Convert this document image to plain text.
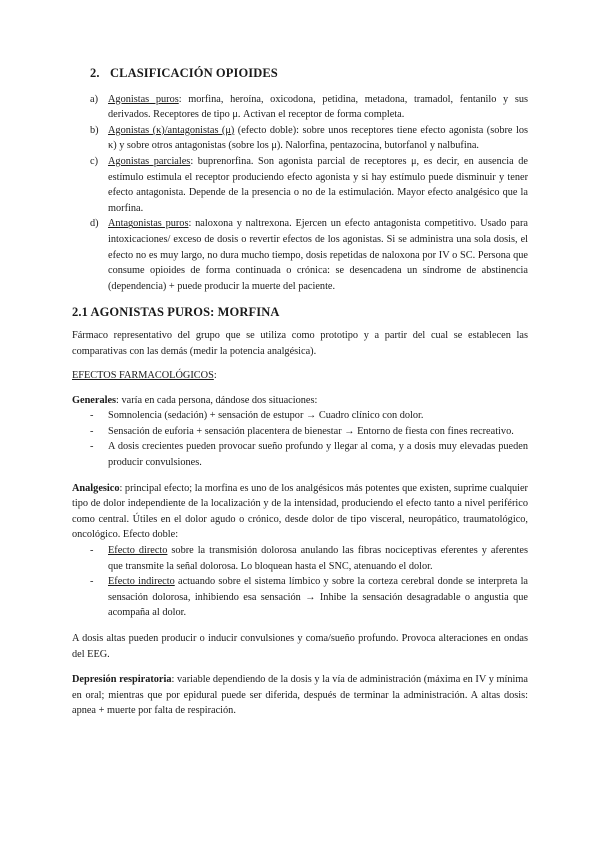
2. CLASIFICACIÓN OPIOIDES
a) Agonistas puros: morfina, heroína, oxicodona, petidina, metadona, tramadol, fentanilo y sus derivados. Receptores de tipo μ. Activan el receptor de forma completa.
b) Agonistas (κ)/antagonistas (μ) (efecto doble): sobre unos receptores tiene efecto agonista (sobre los κ) y sobre otros antagonistas (sobre los μ). Nalorfina, pentazocina, butorfanol y nalbufina.
c) Agonistas parciales: buprenorfina. Son agonista parcial de receptores μ, es decir, en ausencia de estímulo estimula el receptor produciendo efecto agonista y si hay estímulo puede disminuir y tener efecto antagonista. Depende de la presencia o no de la estimulación. Mayor efecto analgésico que la morfina.
d) Antagonistas puros: naloxona y naltrexona. Ejercen un efecto antagonista competitivo. Usado para intoxicaciones/ exceso de dosis o revertir efectos de los agonistas. Si se administra una sola dosis, el efecto no es muy largo, no dura mucho tiempo, dosis repetidas de naloxona por IV o SC. Persona que consume opioides de forma continuada o crónica: se desencadena un síndrome de abstinencia (dependencia) + puede producir la muerte del paciente.
2.1 AGONISTAS PUROS: MORFINA

Fármaco representativo del grupo que se utiliza como prototipo y a partir del cual se establecen las comparativas con las demás (medir la potencia analgésica).

EFECTOS FARMACOLÓGICOS:

Generales: varía en cada persona, dándose dos situaciones:

- Somnolencia (sedación) + sensación de estupor → Cuadro clínico con dolor.
- Sensación de euforia + sensación placentera de bienestar → Entorno de fiesta con fines recreativo.
- A dosis crecientes pueden provocar sueño profundo y llegar al coma, y a dosis muy elevadas pueden producir convulsiones.

Analgesico: principal efecto; la morfina es uno de los analgésicos más potentes que existen, suprime cualquier tipo de dolor independiente de la localización y de la intensidad, produciendo el efecto tanto a nivel periférico como central. Útiles en el dolor agudo o crónico, desde dolor de tipo visceral, neuropático, traumatológico, oncológico. Efecto doble:

- Efecto directo sobre la transmisión dolorosa anulando las fibras nociceptivas eferentes y aferentes que transmite la señal dolorosa. Lo bloquean hasta el SNC, atenuando el dolor.
- Efecto indirecto actuando sobre el sistema límbico y sobre la corteza cerebral donde se interpreta la sensación dolorosa, inhibiendo esa sensación → Inhibe la sensación desagradable o angustia que acompaña al dolor.

A dosis altas pueden producir o inducir convulsiones y coma/sueño profundo. Provoca alteraciones en ondas del EEG.

Depresión respiratoria: variable dependiendo de la dosis y la vía de administración (máxima en IV y mínima en oral; mientras que por epidural puede ser diferida, después de terminar la administración. A altas dosis: apnea + muerte por falta de respiración.
